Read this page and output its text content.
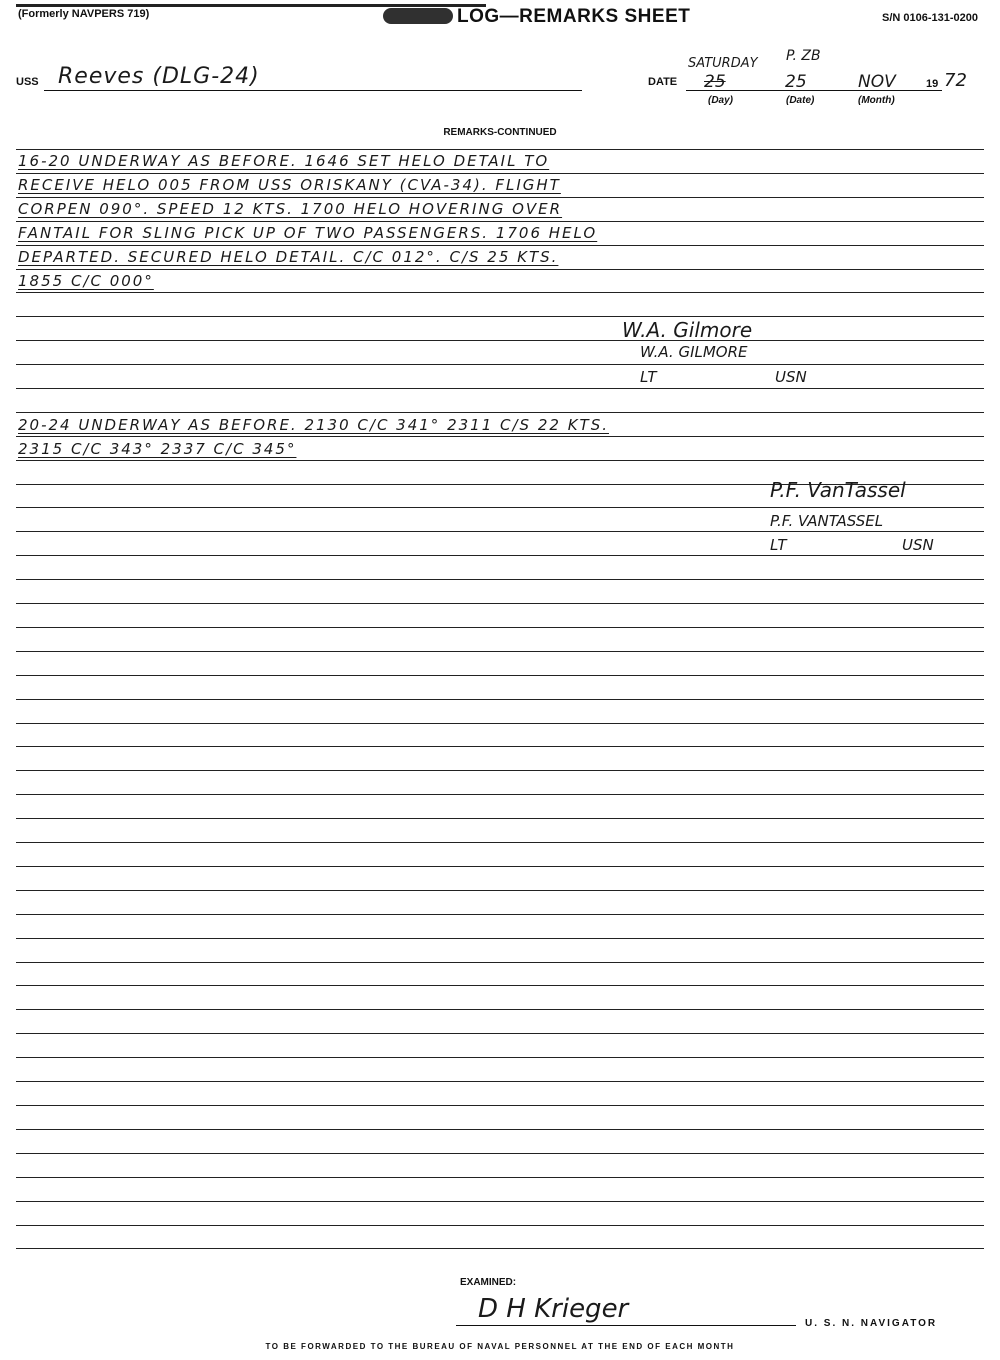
(Formerly NAVPERS 719)	LOG—REMARKS SHEET	S/N 0106-131-0200
USS Reeves (DLG-24)	DATE
SATURDAY P. ZB
25	25	NOV	19 72
(Day)	(Date)	(Month)
REMARKS-CONTINUED
16-20 UNDERWAY AS BEFORE. 1646 SET HELO DETAIL TO
RECEIVE HELO 005 FROM USS ORISKANY (CVA-34). FLIGHT
CORPEN 090°. SPEED 12 KTS. 1700 HELO HOVERING OVER
FANTAIL FOR SLING PICK UP OF TWO PASSENGERS. 1706 HELO
DEPARTED. SECURED HELO DETAIL. C/C 012°. C/S 25 KTS.
1855 C/C 000°
W.A. Gilmore
W.A. GILMORE
LT	USN
20-24 UNDERWAY AS BEFORE. 2130 C/C 341° 2311 C/S 22 KTS.
2315 C/C 343° 2337 C/C 345°
P.F. VanTassel
P.F. VANTASSEL
LT	USN
EXAMINED:
D H Krieger	U. S. N. NAVIGATOR
TO BE FORWARDED TO THE BUREAU OF NAVAL PERSONNEL AT THE END OF EACH MONTH
